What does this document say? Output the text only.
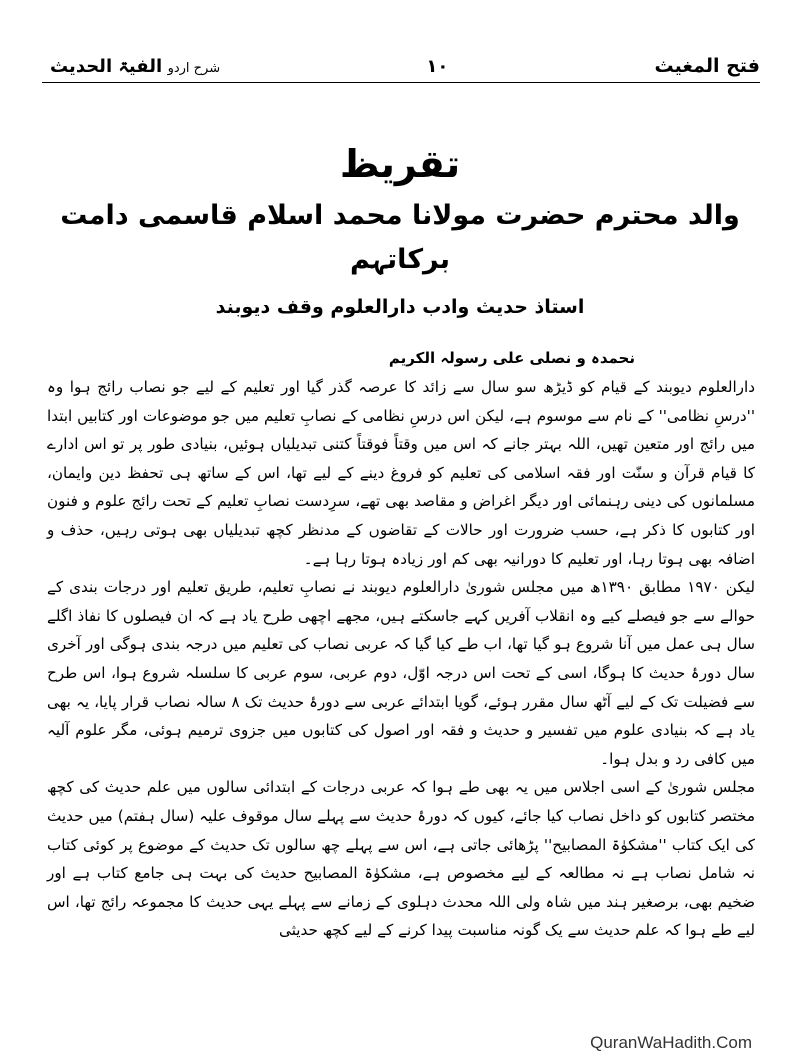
فتح المغیث
۱۰
شرح اردو الفیۃ الحدیث
تقریظ
والد محترم حضرت مولانا محمد اسلام قاسمی دامت برکاتہم
استاذ حدیث وادب دارالعلوم وقف دیوبند

نحمدہ و نصلی علی رسولہ الکریم

دارالعلوم دیوبند کے قیام کو ڈیڑھ سو سال سے زائد کا عرصہ گذر گیا اور تعلیم کے لیے جو نصاب رائج ہوا وہ ''درسِ نظامی'' کے نام سے موسوم ہے، لیکن اس درسِ نظامی کے نصابِ تعلیم میں جو موضوعات اور کتابیں ابتدا میں رائج اور متعین تھیں، اللہ بہتر جانے کہ اس میں وقتاً فوقتاً کتنی تبدیلیاں ہوئیں، بنیادی طور پر تو اس ادارے کا قیام قرآن و سنّت اور فقہ اسلامی کی تعلیم کو فروغ دینے کے لیے تھا، اس کے ساتھ ہی تحفظ دین وایمان، مسلمانوں کی دینی رہنمائی اور دیگر اغراض و مقاصد بھی تھے، سرِدست نصابِ تعلیم کے تحت رائج علوم و فنون اور کتابوں کا ذکر ہے، حسب ضرورت اور حالات کے تقاضوں کے مدنظر کچھ تبدیلیاں بھی ہوتی رہیں، حذف و اضافہ بھی ہوتا رہا، اور تعلیم کا دورانیہ بھی کم اور زیادہ ہوتا رہا ہے۔

لیکن ۱۹۷۰ مطابق ۱۳۹۰ھ میں مجلس شوریٰ دارالعلوم دیوبند نے نصابِ تعلیم، طریق تعلیم اور درجات بندی کے حوالے سے جو فیصلے کیے وہ انقلاب آفریں کہے جاسکتے ہیں، مجھے اچھی طرح یاد ہے کہ ان فیصلوں کا نفاذ اگلے سال ہی عمل میں آنا شروع ہو گیا تھا، اب طے کیا گیا کہ عربی نصاب کی تعلیم میں درجہ بندی ہوگی اور آخری سال دورۂ حدیث کا ہوگا، اسی کے تحت اس درجہ اوّل، دوم عربی، سوم عربی کا سلسلہ شروع ہوا، اس طرح سے فضیلت تک کے لیے آٹھ سال مقرر ہوئے، گویا ابتدائے عربی سے دورۂ حدیث تک ۸ سالہ نصاب قرار پایا، یہ بھی یاد ہے کہ بنیادی علوم میں تفسیر و حدیث و فقہ اور اصول کی کتابوں میں جزوی ترمیم ہوئی، مگر علوم آلیہ میں کافی رد و بدل ہوا۔

مجلس شوریٰ کے اسی اجلاس میں یہ بھی طے ہوا کہ عربی درجات کے ابتدائی سالوں میں علم حدیث کی کچھ مختصر کتابوں کو داخل نصاب کیا جائے، کیوں کہ دورۂ حدیث سے پہلے سال موقوف علیہ (سال ہفتم) میں حدیث کی ایک کتاب ''مشکوٰۃ المصابیح'' پڑھائی جاتی ہے، اس سے پہلے چھ سالوں تک حدیث کے موضوع پر کوئی کتاب نہ شامل نصاب ہے نہ مطالعہ کے لیے مخصوص ہے، مشکوٰۃ المصابیح حدیث کی بہت ہی جامع کتاب ہے اور ضخیم بھی، برصغیر ہند میں شاہ ولی اللہ محدث دہلوی کے زمانے سے پہلے یہی حدیث کا مجموعہ رائج تھا، اس لیے طے ہوا کہ علم حدیث سے یک گونہ مناسبت پیدا کرنے کے لیے کچھ حدیثی

QuranWaHadith.Com
